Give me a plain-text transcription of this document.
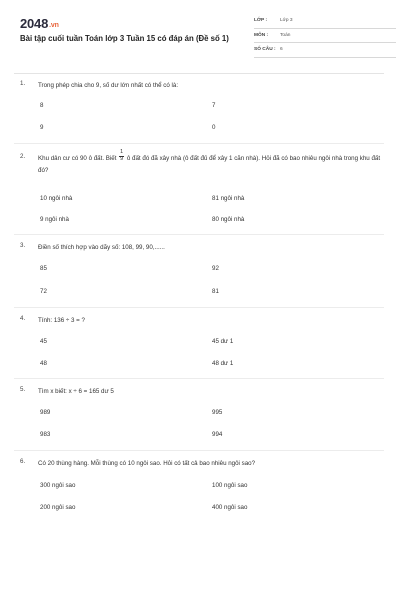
2048.vn
Bài tập cuối tuần Toán lớp 3 Tuần 15 có đáp án (Đề số 1)
LỚP :	Lớp 3
MÔN :	Toán
SỐ CÂU : 6
1. Trong phép chia cho 9, số dư lớn nhất có thể có là:
8	7
9	0
2. Khu dân cư có 90 ô đất. Biết $\frac{1}{9}$ ô đất đó đã xây nhà (ô đất đủ để xây 1 căn nhà). Hỏi đã có bao nhiêu ngôi nhà trong khu đất đó?
10 ngôi nhà	81 ngôi nhà
9 ngôi nhà	80 ngôi nhà
3. Điền số thích hợp vào dãy số: 108, 99, 90,......
85	92
72	81
4. Tính: 136 ÷ 3 = ?
45	45 dư 1
48	48 dư 1
5. Tìm x biết: x ÷ 6 = 165 dư 5
989	995
983	994
6. Có 20 thùng hàng. Mỗi thùng có 10 ngôi sao. Hỏi có tất cả bao nhiêu ngôi sao?
300 ngôi sao	100 ngôi sao
200 ngôi sao	400 ngôi sao
